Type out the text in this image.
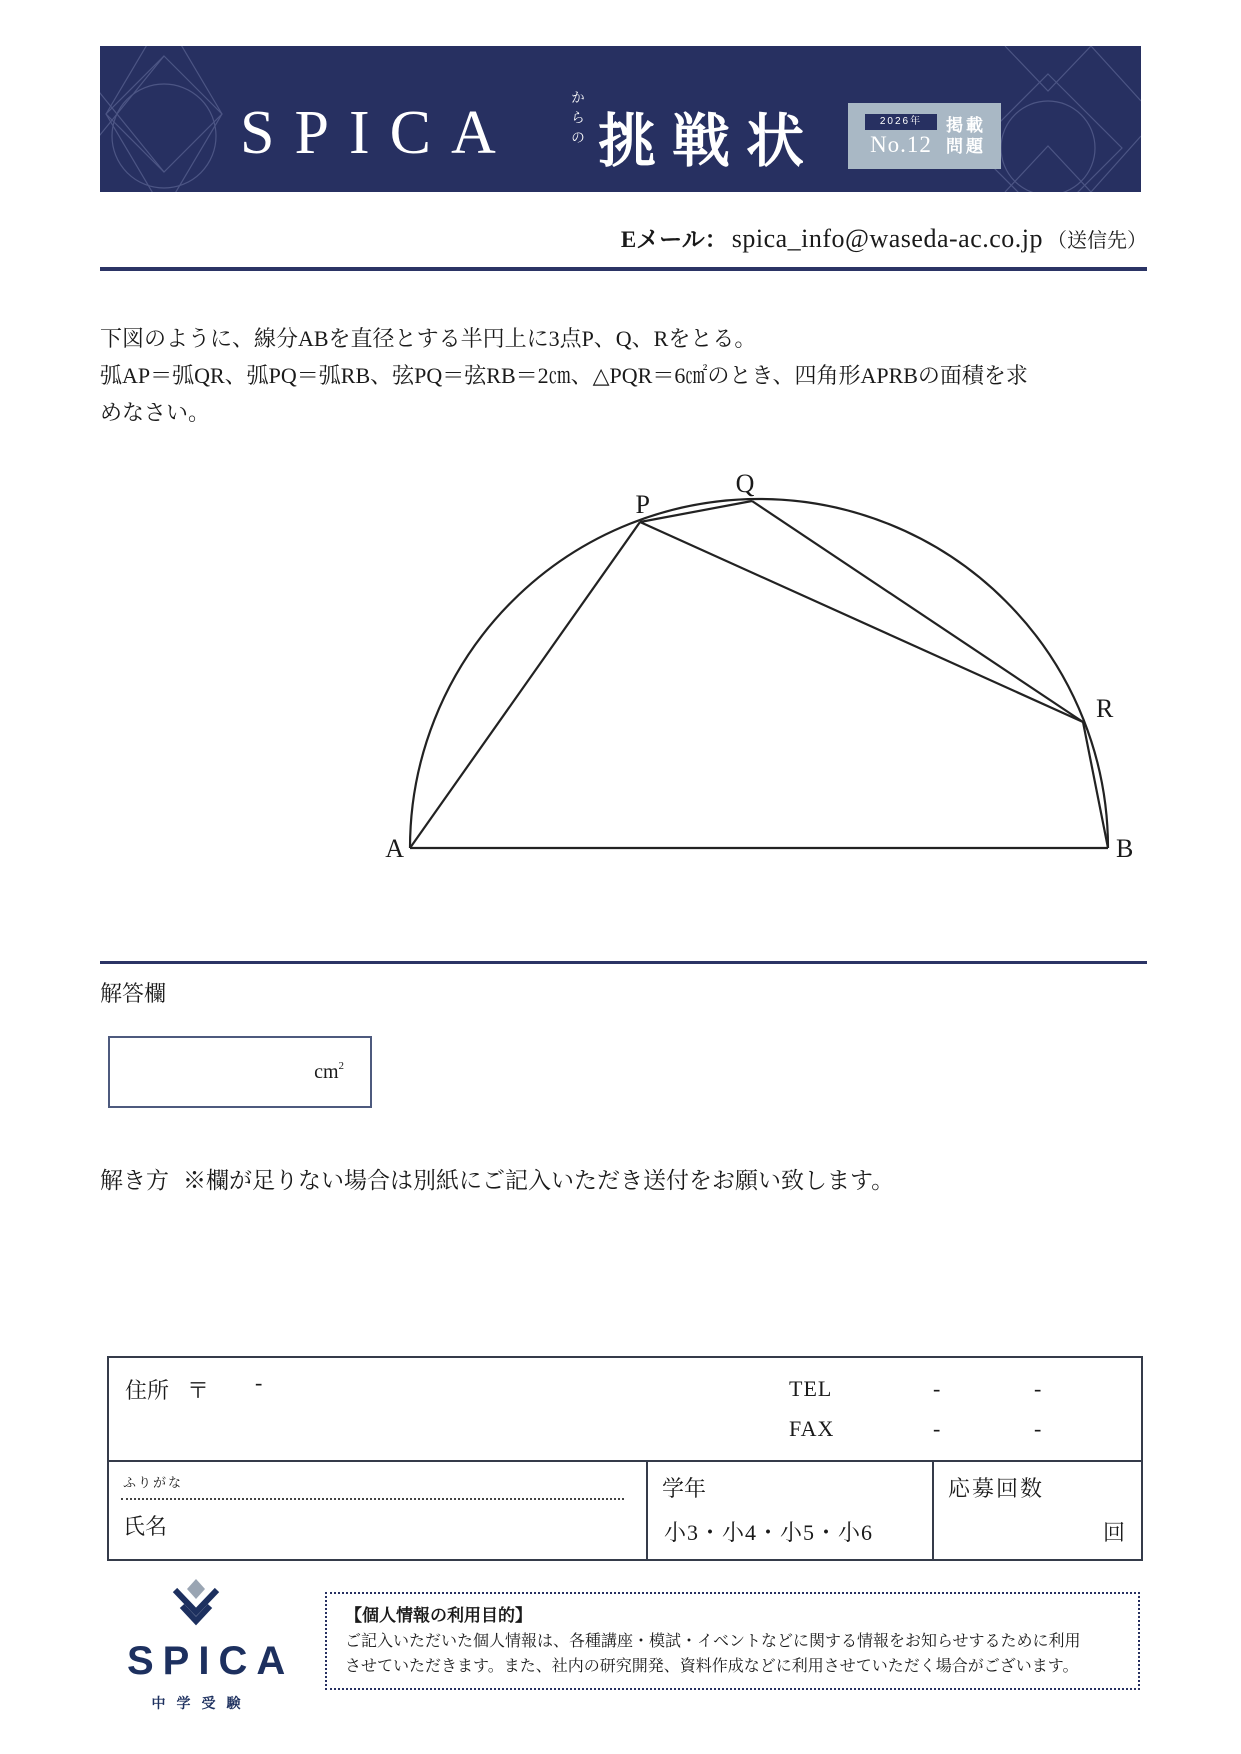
SPICA	からの 挑戦状	2026年
No.12
掲載
問題
Eメール： spica_info@waseda-ac.co.jp （送信先）
下図のように、線分ABを直径とする半円上に3点P、Q、Rをとる。
弧AP＝弧QR、弧PQ＝弧RB、弦PQ＝弦RB＝2㎝、△PQR＝6㎠のとき、四角形APRBの面積を求
めなさい。
A	B
P
Q
R
解答欄
$cm^2$
解き方 ※欄が足りない場合は別紙にご記入いただき送付をお願い致します。
住所 〒 -	TEL	-	-
FAX	-	-
ふりがな
氏名
学年
小3・小4・小5・小6
応募回数
回
SPICA
中学受験
【個人情報の利用目的】
ご記入いただいた個人情報は、各種講座・模試・イベントなどに関する情報をお知らせするために利用
させていただきます。また、社内の研究開発、資料作成などに利用させていただく場合がございます。
